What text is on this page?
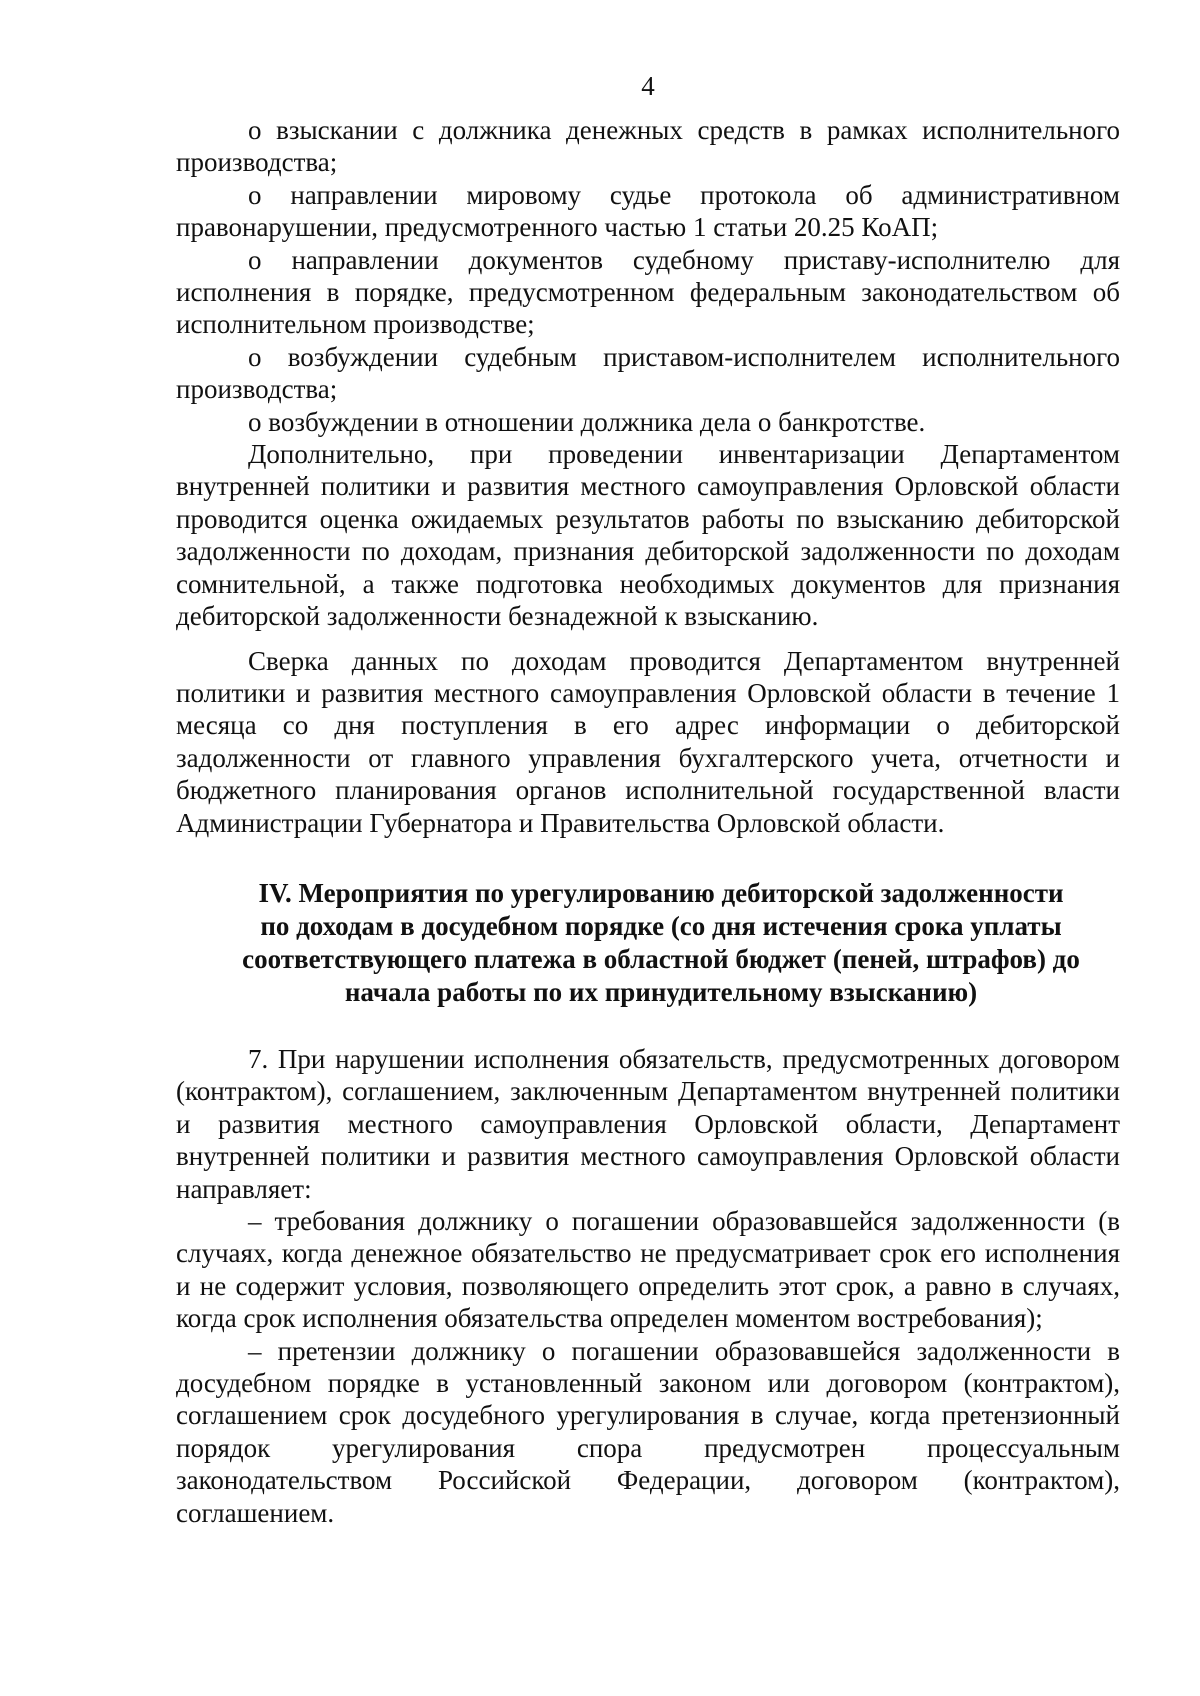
4

о взыскании с должника денежных средств в рамках исполнительного производства;

о направлении мировому судье протокола об административном правонарушении, предусмотренного частью 1 статьи 20.25 КоАП;

о направлении документов судебному приставу-исполнителю для исполнения в порядке, предусмотренном федеральным законодательством об исполнительном производстве;

о возбуждении судебным приставом-исполнителем исполнительного производства;

о возбуждении в отношении должника дела о банкротстве.

Дополнительно, при проведении инвентаризации Департаментом внутренней политики и развития местного самоуправления Орловской области проводится оценка ожидаемых результатов работы по взысканию дебиторской задолженности по доходам, признания дебиторской задолженности по доходам сомнительной, а также подготовка необходимых документов для признания дебиторской задолженности безнадежной к взысканию.

Сверка данных по доходам проводится Департаментом внутренней политики и развития местного самоуправления Орловской области в течение 1 месяца со дня поступления в его адрес информации о дебиторской задолженности от главного управления бухгалтерского учета, отчетности и бюджетного планирования органов исполнительной государственной власти Администрации Губернатора и Правительства Орловской области.

IV. Мероприятия по урегулированию дебиторской задолженности
по доходам в досудебном порядке (со дня истечения срока уплаты
соответствующего платежа в областной бюджет (пеней, штрафов) до
начала работы по их принудительному взысканию)

7. При нарушении исполнения обязательств, предусмотренных договором (контрактом), соглашением, заключенным Департаментом внутренней политики и развития местного самоуправления Орловской области, Департамент внутренней политики и развития местного самоуправления Орловской области направляет:

– требования должнику о погашении образовавшейся задолженности (в случаях, когда денежное обязательство не предусматривает срок его исполнения и не содержит условия, позволяющего определить этот срок, а равно в случаях, когда срок исполнения обязательства определен моментом востребования);

– претензии должнику о погашении образовавшейся задолженности в досудебном порядке в установленный законом или договором (контрактом), соглашением срок досудебного урегулирования в случае, когда претензионный порядок урегулирования спора предусмотрен процессуальным законодательством Российской Федерации, договором (контрактом), соглашением.
